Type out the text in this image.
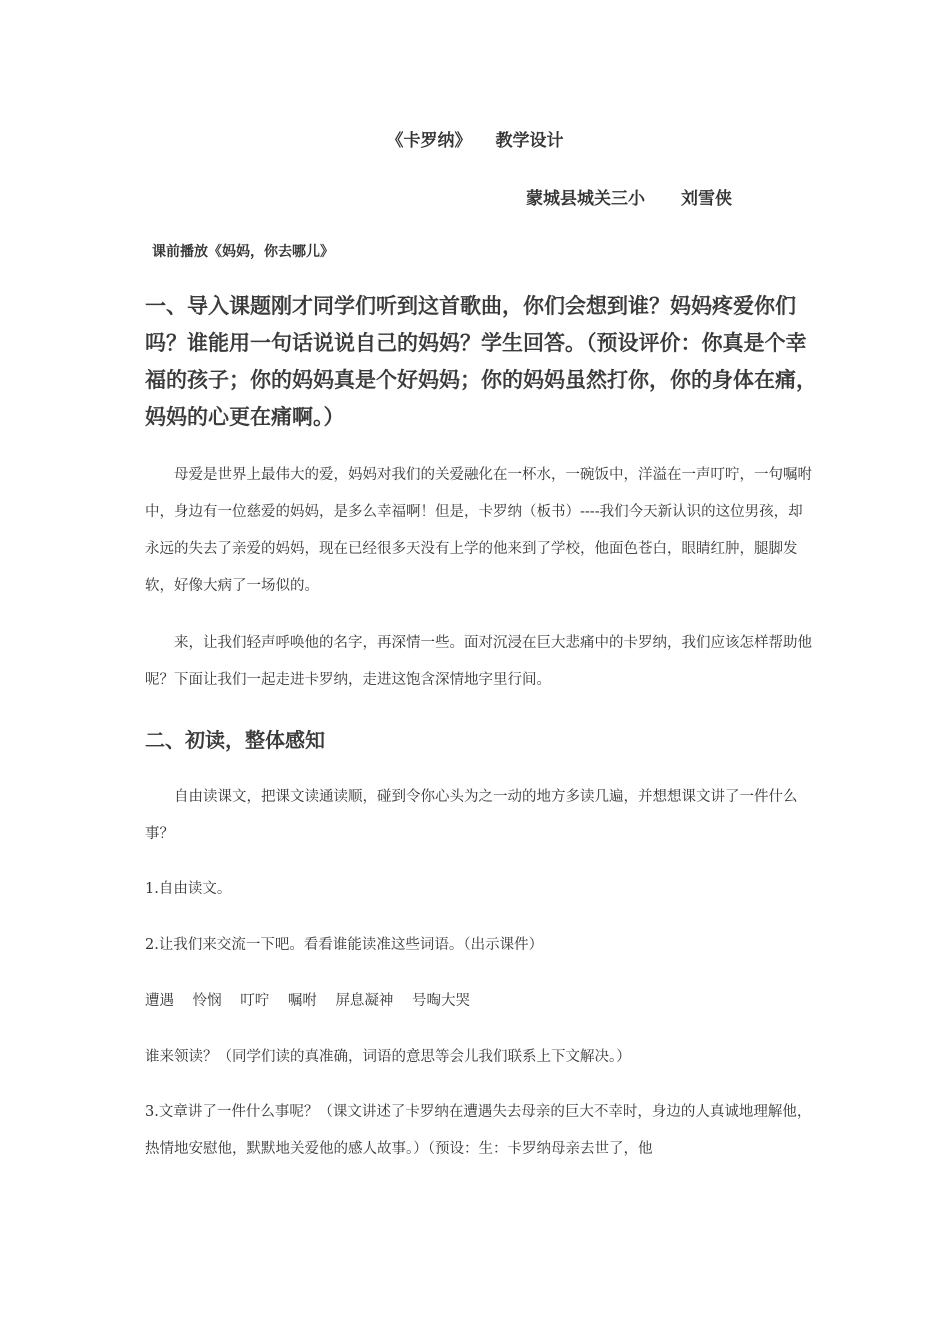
《卡罗纳》 教学设计
蒙城县城关三小 刘雪侠
课前播放《妈妈，你去哪儿》
一、导入课题刚才同学们听到这首歌曲，你们会想到谁？妈妈疼爱你们吗？谁能用一句话说说自己的妈妈？学生回答。（预设评价：你真是个幸福的孩子；你的妈妈真是个好妈妈；你的妈妈虽然打你，你的身体在痛，妈妈的心更在痛啊。）
母爱是世界上最伟大的爱，妈妈对我们的关爱融化在一杯水，一碗饭中，洋溢在一声叮咛，一句嘱咐中，身边有一位慈爱的妈妈，是多么幸福啊！但是，卡罗纳（板书）----我们今天新认识的这位男孩，却永远的失去了亲爱的妈妈，现在已经很多天没有上学的他来到了学校，他面色苍白，眼睛红肿，腿脚发软，好像大病了一场似的。
来，让我们轻声呼唤他的名字，再深情一些。面对沉浸在巨大悲痛中的卡罗纳，我们应该怎样帮助他呢？下面让我们一起走进卡罗纳，走进这饱含深情地字里行间。
二、初读，整体感知
自由读课文，把课文读通读顺，碰到令你心头为之一动的地方多读几遍，并想想课文讲了一件什么事？
1.自由读文。
2.让我们来交流一下吧。看看谁能读准这些词语。（出示课件）
遭遇 怜悯 叮咛 嘱咐 屏息凝神 号啕大哭
谁来领读？（同学们读的真准确，词语的意思等会儿我们联系上下文解决。）
3.文章讲了一件什么事呢？（课文讲述了卡罗纳在遭遇失去母亲的巨大不幸时，身边的人真诚地理解他，热情地安慰他，默默地关爱他的感人故事。）（预设：生：卡罗纳母亲去世了，他
